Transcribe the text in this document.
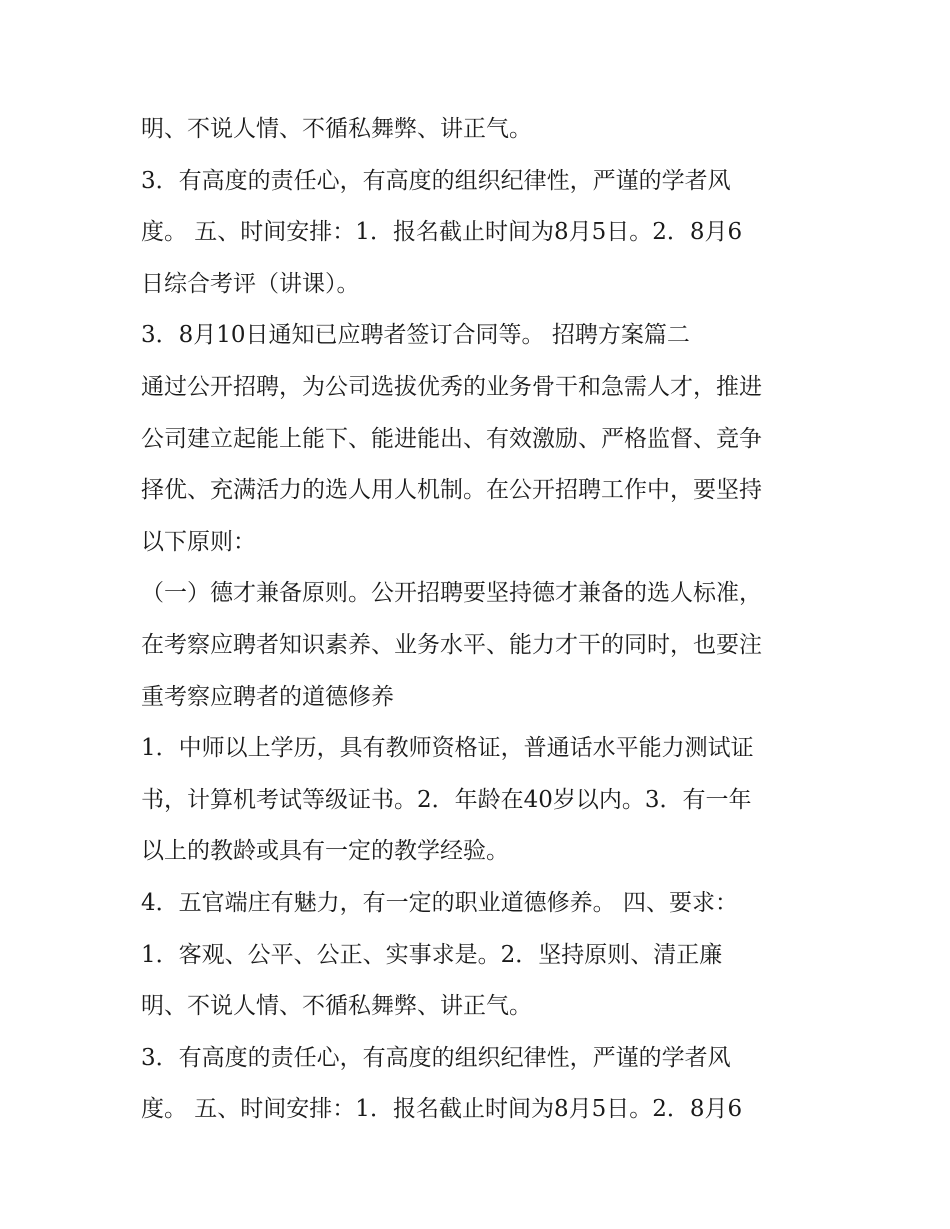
明、不说人情、不循私舞弊、讲正气。
3．有高度的责任心，有高度的组织纪律性，严谨的学者风
度。 五、时间安排：1．报名截止时间为8月5日。2．8月6
日综合考评（讲课）。
3．8月10日通知已应聘者签订合同等。 招聘方案篇二
通过公开招聘，为公司选拔优秀的业务骨干和急需人才，推进
公司建立起能上能下、能进能出、有效激励、严格监督、竞争
择优、充满活力的选人用人机制。在公开招聘工作中，要坚持
以下原则：
（一）德才兼备原则。公开招聘要坚持德才兼备的选人标准，
在考察应聘者知识素养、业务水平、能力才干的同时，也要注
重考察应聘者的道德修养
1．中师以上学历，具有教师资格证，普通话水平能力测试证
书，计算机考试等级证书。2．年龄在40岁以内。3．有一年
以上的教龄或具有一定的教学经验。
4．五官端庄有魅力，有一定的职业道德修养。 四、要求：
1．客观、公平、公正、实事求是。2．坚持原则、清正廉
明、不说人情、不循私舞弊、讲正气。
3．有高度的责任心，有高度的组织纪律性，严谨的学者风
度。 五、时间安排：1．报名截止时间为8月5日。2．8月6
